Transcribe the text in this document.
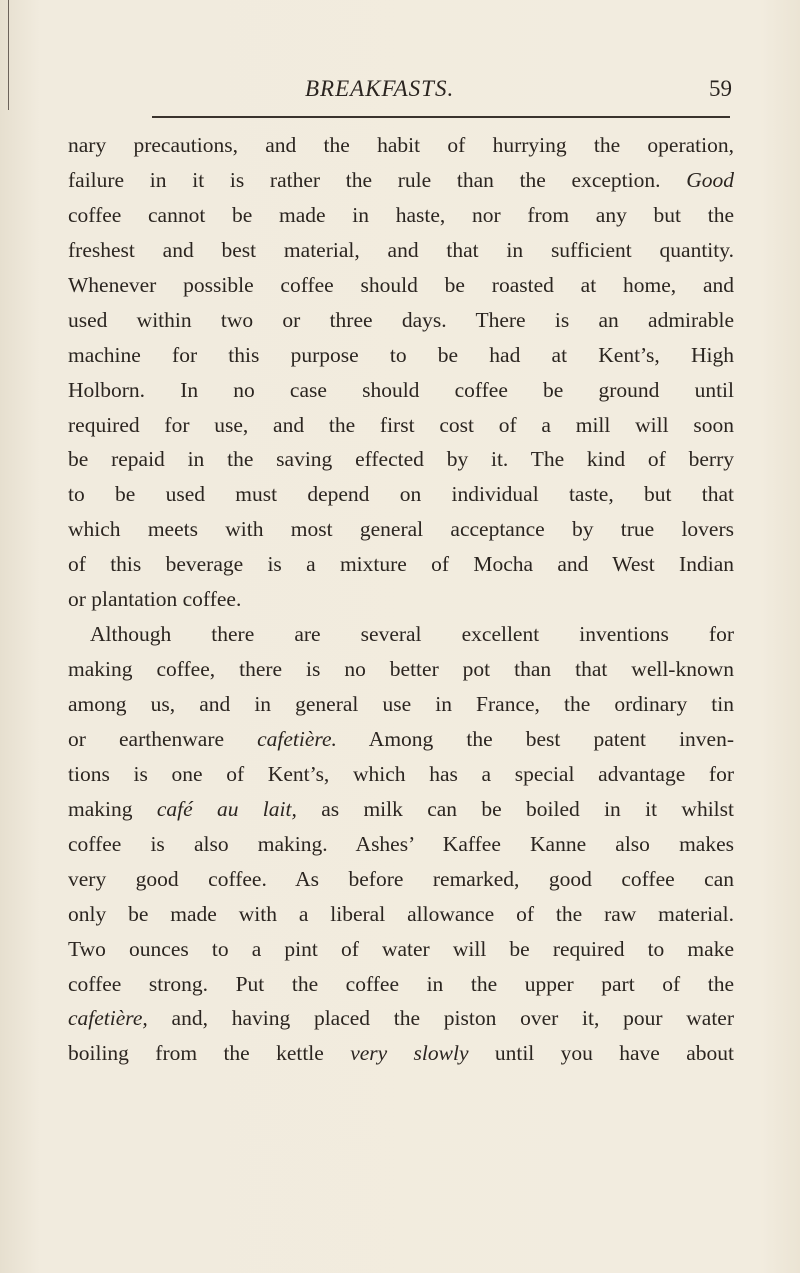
BREAKFASTS.	59
nary precautions, and the habit of hurrying the operation,
failure in it is rather the rule than the exception. Good
coffee cannot be made in haste, nor from any but the
freshest and best material, and that in sufficient quantity.
Whenever possible coffee should be roasted at home, and
used within two or three days. There is an admirable
machine for this purpose to be had at Kent’s, High
Holborn. In no case should coffee be ground until
required for use, and the first cost of a mill will soon
be repaid in the saving effected by it. The kind of berry
to be used must depend on individual taste, but that
which meets with most general acceptance by true lovers
of this beverage is a mixture of Mocha and West Indian
or plantation coffee.
Although there are several excellent inventions for
making coffee, there is no better pot than that well-known
among us, and in general use in France, the ordinary tin
or earthenware cafetière. Among the best patent inven-
tions is one of Kent’s, which has a special advantage for
making café au lait, as milk can be boiled in it whilst
coffee is also making. Ashes’ Kaffee Kanne also makes
very good coffee. As before remarked, good coffee can
only be made with a liberal allowance of the raw material.
Two ounces to a pint of water will be required to make
coffee strong. Put the coffee in the upper part of the
cafetière, and, having placed the piston over it, pour water
boiling from the kettle very slowly until you have about
